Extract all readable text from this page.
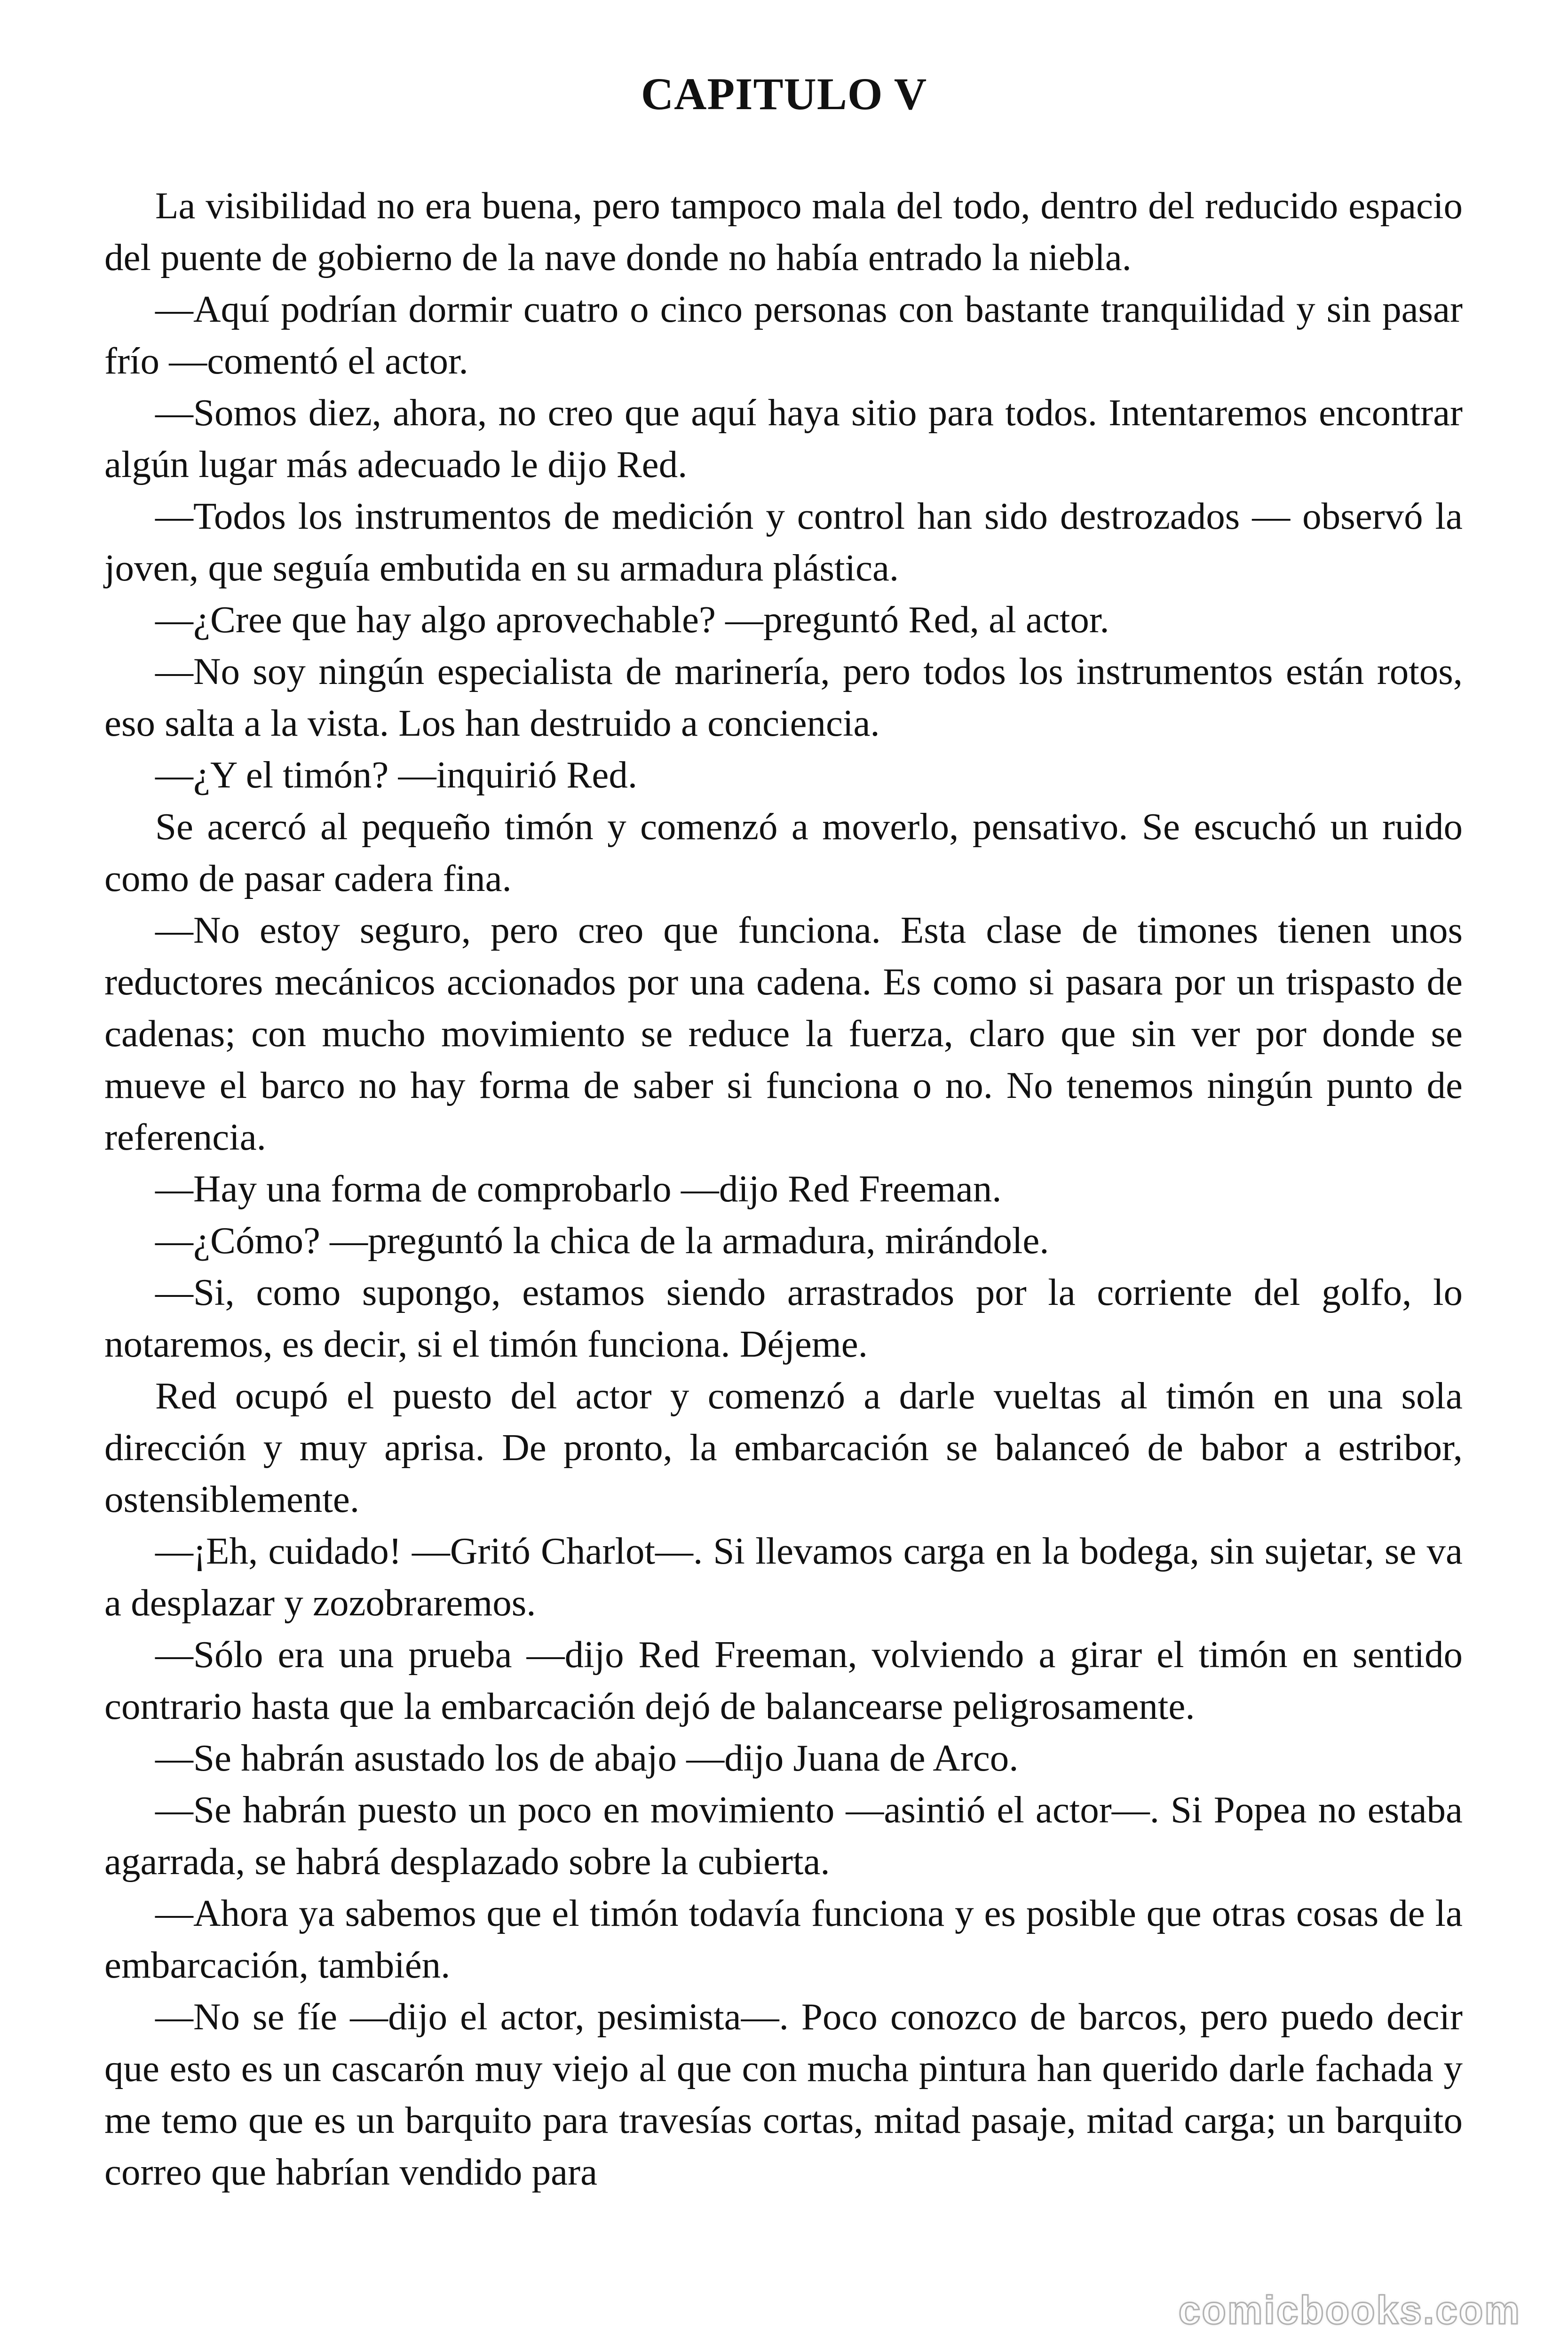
CAPITULO V

La visibilidad no era buena, pero tampoco mala del todo, dentro del reducido espacio del puente de gobierno de la nave donde no había entrado la niebla.

—Aquí podrían dormir cuatro o cinco personas con bastante tranquilidad y sin pasar frío —comentó el actor.

—Somos diez, ahora, no creo que aquí haya sitio para todos. Intentaremos encontrar algún lugar más adecuado le dijo Red.

—Todos los instrumentos de medición y control han sido destrozados — observó la joven, que seguía embutida en su armadura plástica.

—¿Cree que hay algo aprovechable? —preguntó Red, al actor.

—No soy ningún especialista de marinería, pero todos los instrumentos están rotos, eso salta a la vista. Los han destruido a conciencia.

—¿Y el timón? —inquirió Red.

Se acercó al pequeño timón y comenzó a moverlo, pensativo. Se escuchó un ruido como de pasar cadera fina.

—No estoy seguro, pero creo que funciona. Esta clase de timones tienen unos reductores mecánicos accionados por una cadena. Es como si pasara por un trispasto de cadenas; con mucho movimiento se reduce la fuerza, claro que sin ver por donde se mueve el barco no hay forma de saber si funciona o no. No tenemos ningún punto de referencia.

—Hay una forma de comprobarlo —dijo Red Freeman.

—¿Cómo? —preguntó la chica de la armadura, mirándole.

—Si, como supongo, estamos siendo arrastrados por la corriente del golfo, lo notaremos, es decir, si el timón funciona. Déjeme.

Red ocupó el puesto del actor y comenzó a darle vueltas al timón en una sola dirección y muy aprisa. De pronto, la embarcación se balanceó de babor a estribor, ostensiblemente.

—¡Eh, cuidado! —Gritó Charlot—. Si llevamos carga en la bodega, sin sujetar, se va a desplazar y zozobraremos.

—Sólo era una prueba —dijo Red Freeman, volviendo a girar el timón en sentido contrario hasta que la embarcación dejó de balancearse peligrosamente.

—Se habrán asustado los de abajo —dijo Juana de Arco.

—Se habrán puesto un poco en movimiento —asintió el actor—. Si Popea no estaba agarrada, se habrá desplazado sobre la cubierta.

—Ahora ya sabemos que el timón todavía funciona y es posible que otras cosas de la embarcación, también.

—No se fíe —dijo el actor, pesimista—. Poco conozco de barcos, pero puedo decir que esto es un cascarón muy viejo al que con mucha pintura han querido darle fachada y me temo que es un barquito para travesías cortas, mitad pasaje, mitad carga; un barquito correo que habrían vendido para

comicbooks.com
